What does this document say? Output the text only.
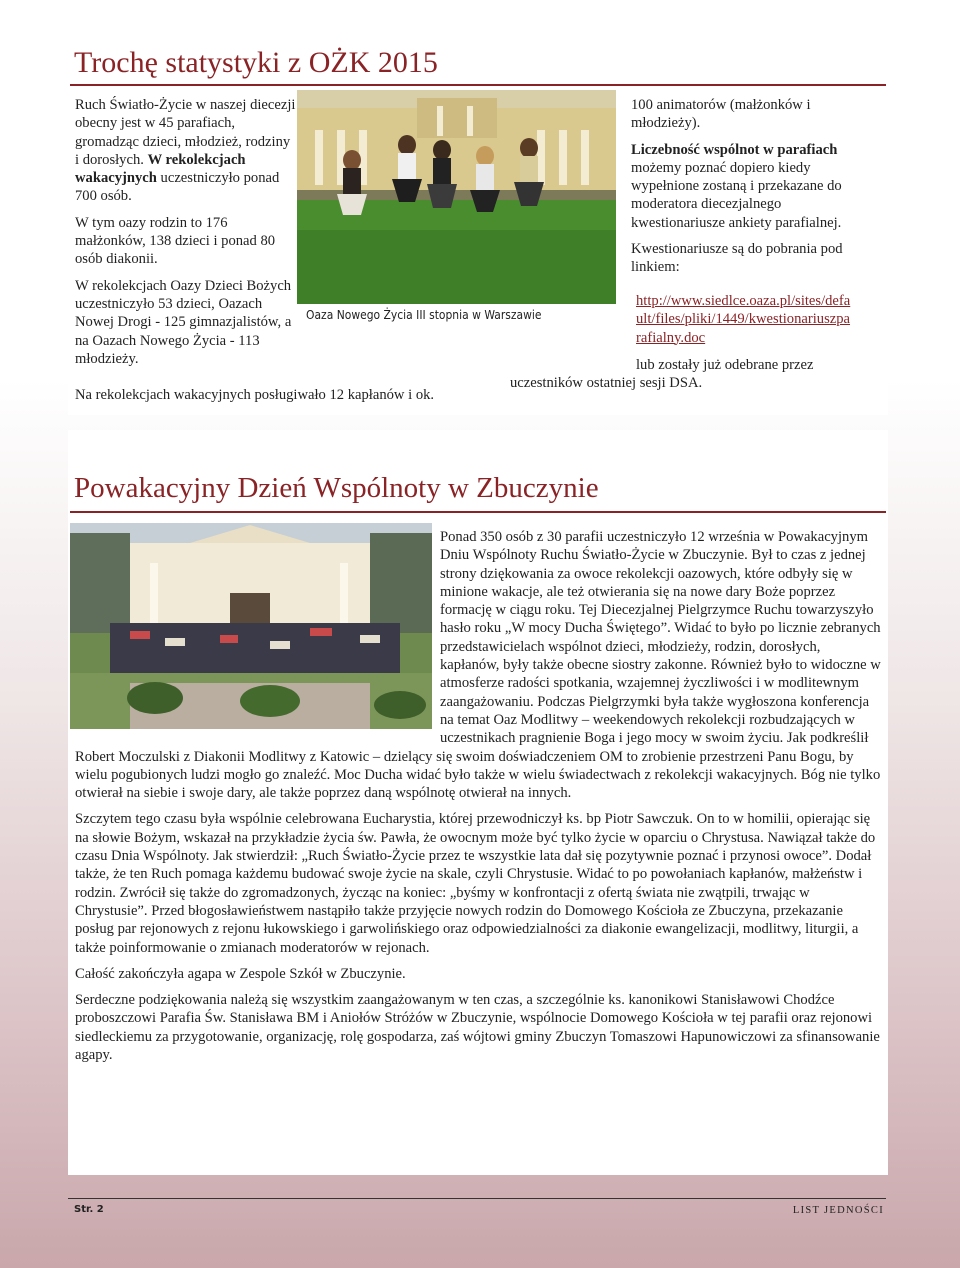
Trochę statystyki z OŻK 2015

Ruch Światło-Życie w naszej diecezji obecny jest w 45 parafiach, gromadząc dzieci, młodzież, rodziny i dorosłych. W rekolekcjach wakacyjnych uczestniczyło ponad 700 osób.

W tym oazy rodzin to 176 małżonków, 138 dzieci i ponad 80 osób diakonii.

W rekolekcjach Oazy Dzieci Bożych uczestniczyło 53 dzieci, Oazach Nowej Drogi - 125 gimnazjalistów, a na Oazach Nowego Życia - 113 młodzieży.

Na rekolekcjach wakacyjnych posługiwało 12 kapłanów i ok.
Oaza Nowego Życia III stopnia w Warszawie

100 animatorów (małżonków i młodzieży).

Liczebność wspólnot w parafiach możemy poznać dopiero kiedy wypełnione zostaną i przekazane do moderatora diecezjalnego kwestionariusze ankiety parafialnej.

Kwestionariusze są do pobrania pod linkiem:

http://www.siedlce.oaza.pl/sites/default/files/pliki/1449/kwestionariuszparafialny.doc
lub zostały już odebrane przez uczestników ostatniej sesji DSA.
Powakacyjny Dzień Wspólnoty w Zbuczynie

Ponad 350 osób z 30 parafii uczestniczyło 12 września w Powakacyjnym Dniu Wspólnoty Ruchu Światło-Życie w Zbuczynie. Był to czas z jednej strony dziękowania za owoce rekolekcji oazowych, które odbyły się w minione wakacje, ale też otwierania się na nowe dary Boże poprzez formację w ciągu roku. Tej Diecezjalnej Pielgrzymce Ruchu towarzyszyło hasło roku „W mocy Ducha Świętego”. Widać to było po licznie zebranych przedstawicielach wspólnot dzieci, młodzieży, rodzin, dorosłych, kapłanów, były także obecne siostry zakonne. Również było to widoczne w atmosferze radości spotkania, wzajemnej życzliwości i w modlitewnym zaangażowaniu. Podczas Pielgrzymki była także wygłoszona konferencja na temat Oaz Modlitwy – weekendowych rekolekcji rozbudzających w uczestnikach pragnienie Boga i jego mocy w swoim życiu. Jak podkreślił Robert Moczulski z Diakonii Modlitwy z Katowic – dzielący się swoim doświadczeniem OM to zrobienie przestrzeni Panu Bogu, by wielu pogubionych ludzi mogło go znaleźć. Moc Ducha widać było także w wielu świadectwach z rekolekcji wakacyjnych. Bóg nie tylko otwierał na siebie i swoje dary, ale także poprzez daną wspólnotę otwierał na innych.

Szczytem tego czasu była wspólnie celebrowana Eucharystia, której przewodniczył ks. bp Piotr Sawczuk. On to w homilii, opierając się na słowie Bożym, wskazał na przykładzie życia św. Pawła, że owocnym może być tylko życie w oparciu o Chrystusa. Nawiązał także do czasu Dnia Wspólnoty. Jak stwierdził: „Ruch Światło-Życie przez te wszystkie lata dał się pozytywnie poznać i przynosi owoce”. Dodał także, że ten Ruch pomaga każdemu budować swoje życie na skale, czyli Chrystusie. Widać to po powołaniach kapłanów, małżeństw i rodzin. Zwrócił się także do zgromadzonych, życząc na koniec: „byśmy w konfrontacji z ofertą świata nie zwątpili, trwając w Chrystusie”. Przed błogosławieństwem nastąpiło także przyjęcie nowych rodzin do Domowego Kościoła ze Zbuczyna, przekazanie posług par rejonowych z rejonu łukowskiego i garwolińskiego oraz odpowiedzialności za diakonie ewangelizacji, modlitwy, liturgii, a także poinformowanie o zmianach moderatorów w rejonach.

Całość zakończyła agapa w Zespole Szkół w Zbuczynie.

Serdeczne podziękowania należą się wszystkim zaangażowanym w ten czas, a szczególnie ks. kanonikowi Stanisławowi Chodźce proboszczowi Parafia Św. Stanisława BM i Aniołów Stróżów w Zbuczynie, wspólnocie Domowego Kościoła w tej parafii oraz rejonowi siedleckiemu za przygotowanie, organizację, rolę gospodarza, zaś wójtowi gminy Zbuczyn Tomaszowi Hapunowiczowi za sfinansowanie agapy.

Str. 2	LIST JEDNOŚCI
